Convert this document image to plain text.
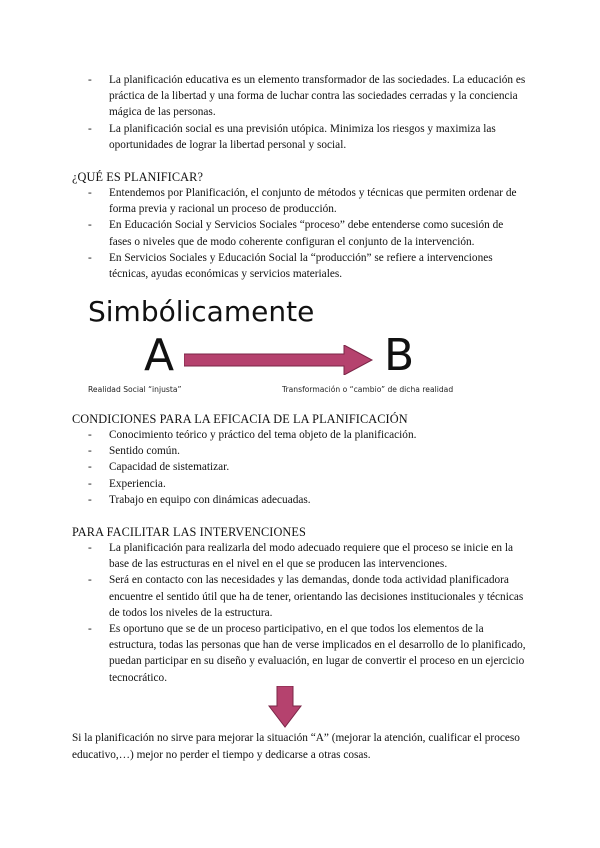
- La planificación educativa es un elemento transformador de las sociedades. La educación es práctica de la libertad y una forma de luchar contra las sociedades cerradas y la conciencia mágica de las personas.
- La planificación social es una previsión utópica. Minimiza los riesgos y maximiza las oportunidades de lograr la libertad personal y social.
¿QUÉ ES PLANIFICAR?
- Entendemos por Planificación, el conjunto de métodos y técnicas que permiten ordenar de forma previa y racional un proceso de producción.
- En Educación Social y Servicios Sociales “proceso” debe entenderse como sucesión de fases o niveles que de modo coherente configuran el conjunto de la intervención.
- En Servicios Sociales y Educación Social la “producción” se refiere a intervenciones técnicas, ayudas económicas y servicios materiales.
Simbólicamente
A	B
Realidad Social “injusta”	Transformación o “cambio” de dicha realidad
CONDICIONES PARA LA EFICACIA DE LA PLANIFICACIÓN
- Conocimiento teórico y práctico del tema objeto de la planificación.
- Sentido común.
- Capacidad de sistematizar.
- Experiencia.
- Trabajo en equipo con dinámicas adecuadas.
PARA FACILITAR LAS INTERVENCIONES
- La planificación para realizarla del modo adecuado requiere que el proceso se inicie en la base de las estructuras en el nivel en el que se producen las intervenciones.
- Será en contacto con las necesidades y las demandas, donde toda actividad planificadora encuentre el sentido útil que ha de tener, orientando las decisiones institucionales y técnicas de todos los niveles de la estructura.
- Es oportuno que se de un proceso participativo, en el que todos los elementos de la estructura, todas las personas que han de verse implicados en el desarrollo de lo planificado, puedan participar en su diseño y evaluación, en lugar de convertir el proceso en un ejercicio tecnocrático.
Si la planificación no sirve para mejorar la situación “A” (mejorar la atención, cualificar el proceso educativo,…) mejor no perder el tiempo y dedicarse a otras cosas.
